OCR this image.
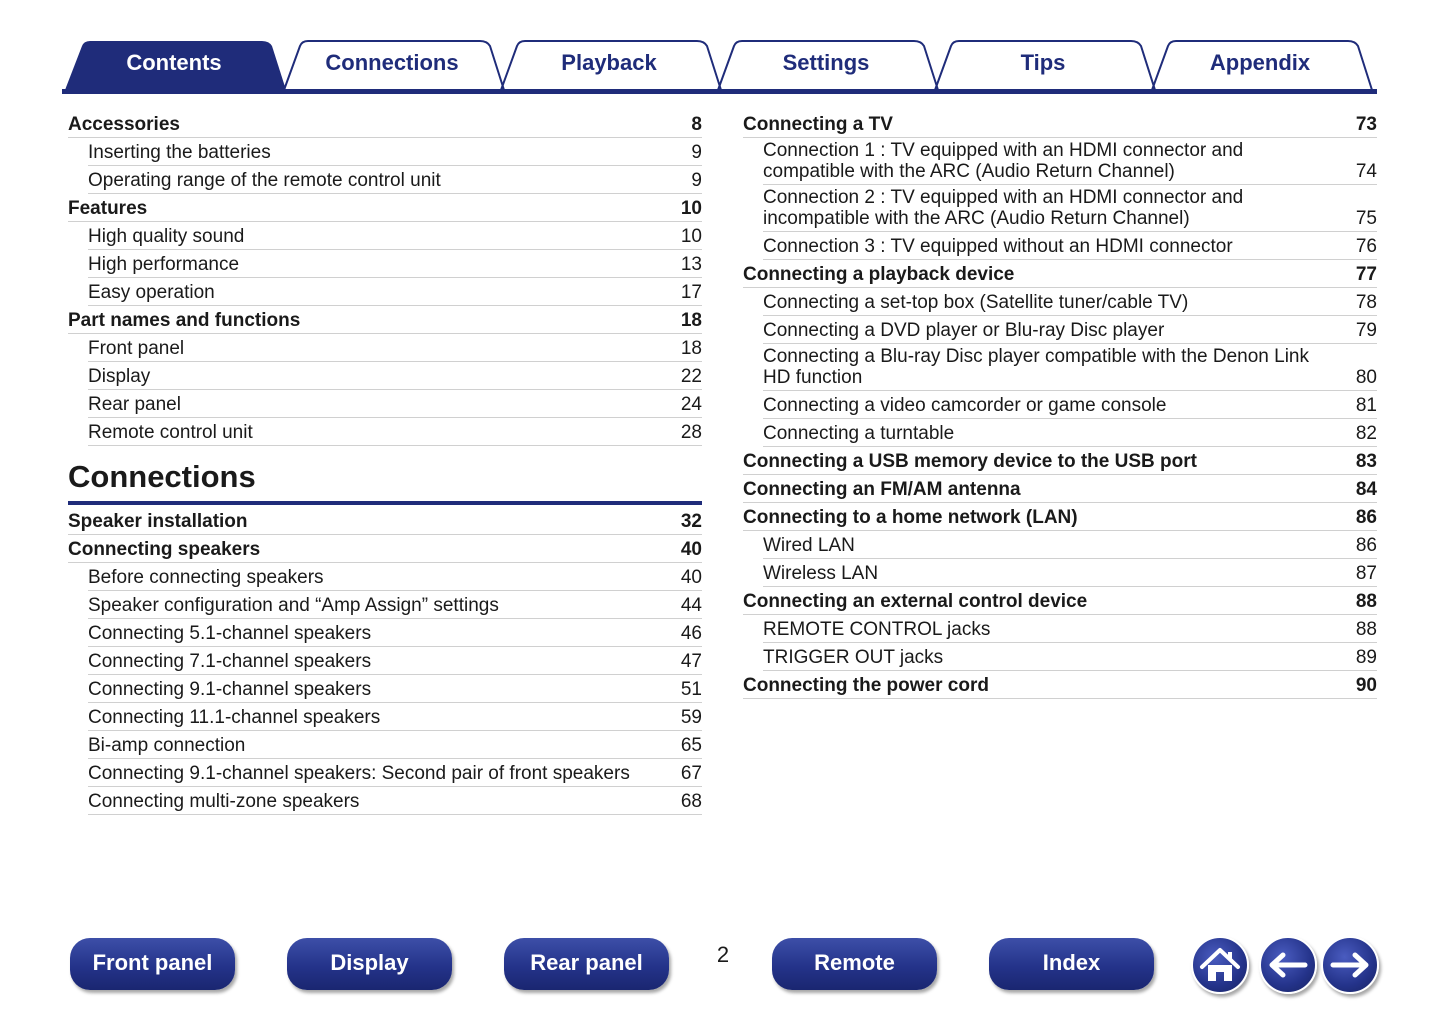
Contents	Connections	Playback	Settings	Tips	Appendix
Accessories	8
Inserting the batteries	9
Operating range of the remote control unit	9
Features	10
High quality sound	10
High performance	13
Easy operation	17
Part names and functions	18
Front panel	18
Display	22
Rear panel	24
Remote control unit	28
Connections
Speaker installation	32
Connecting speakers	40
Before connecting speakers	40
Speaker configuration and “Amp Assign” settings	44
Connecting 5.1-channel speakers	46
Connecting 7.1-channel speakers	47
Connecting 9.1-channel speakers	51
Connecting 11.1-channel speakers	59
Bi-amp connection	65
Connecting 9.1-channel speakers: Second pair of front speakers	67
Connecting multi-zone speakers	68
Connecting a TV	73
Connection 1 : TV equipped with an HDMI connector and compatible with the ARC (Audio Return Channel)	74
Connection 2 : TV equipped with an HDMI connector and incompatible with the ARC (Audio Return Channel)	75
Connection 3 : TV equipped without an HDMI connector	76
Connecting a playback device	77
Connecting a set-top box (Satellite tuner/cable TV)	78
Connecting a DVD player or Blu-ray Disc player	79
Connecting a Blu-ray Disc player compatible with the Denon Link HD function	80
Connecting a video camcorder or game console	81
Connecting a turntable	82
Connecting a USB memory device to the USB port	83
Connecting an FM/AM antenna	84
Connecting to a home network (LAN)	86
Wired LAN	86
Wireless LAN	87
Connecting an external control device	88
REMOTE CONTROL jacks	88
TRIGGER OUT jacks	89
Connecting the power cord	90
Front panel	Display	Rear panel	2	Remote	Index
